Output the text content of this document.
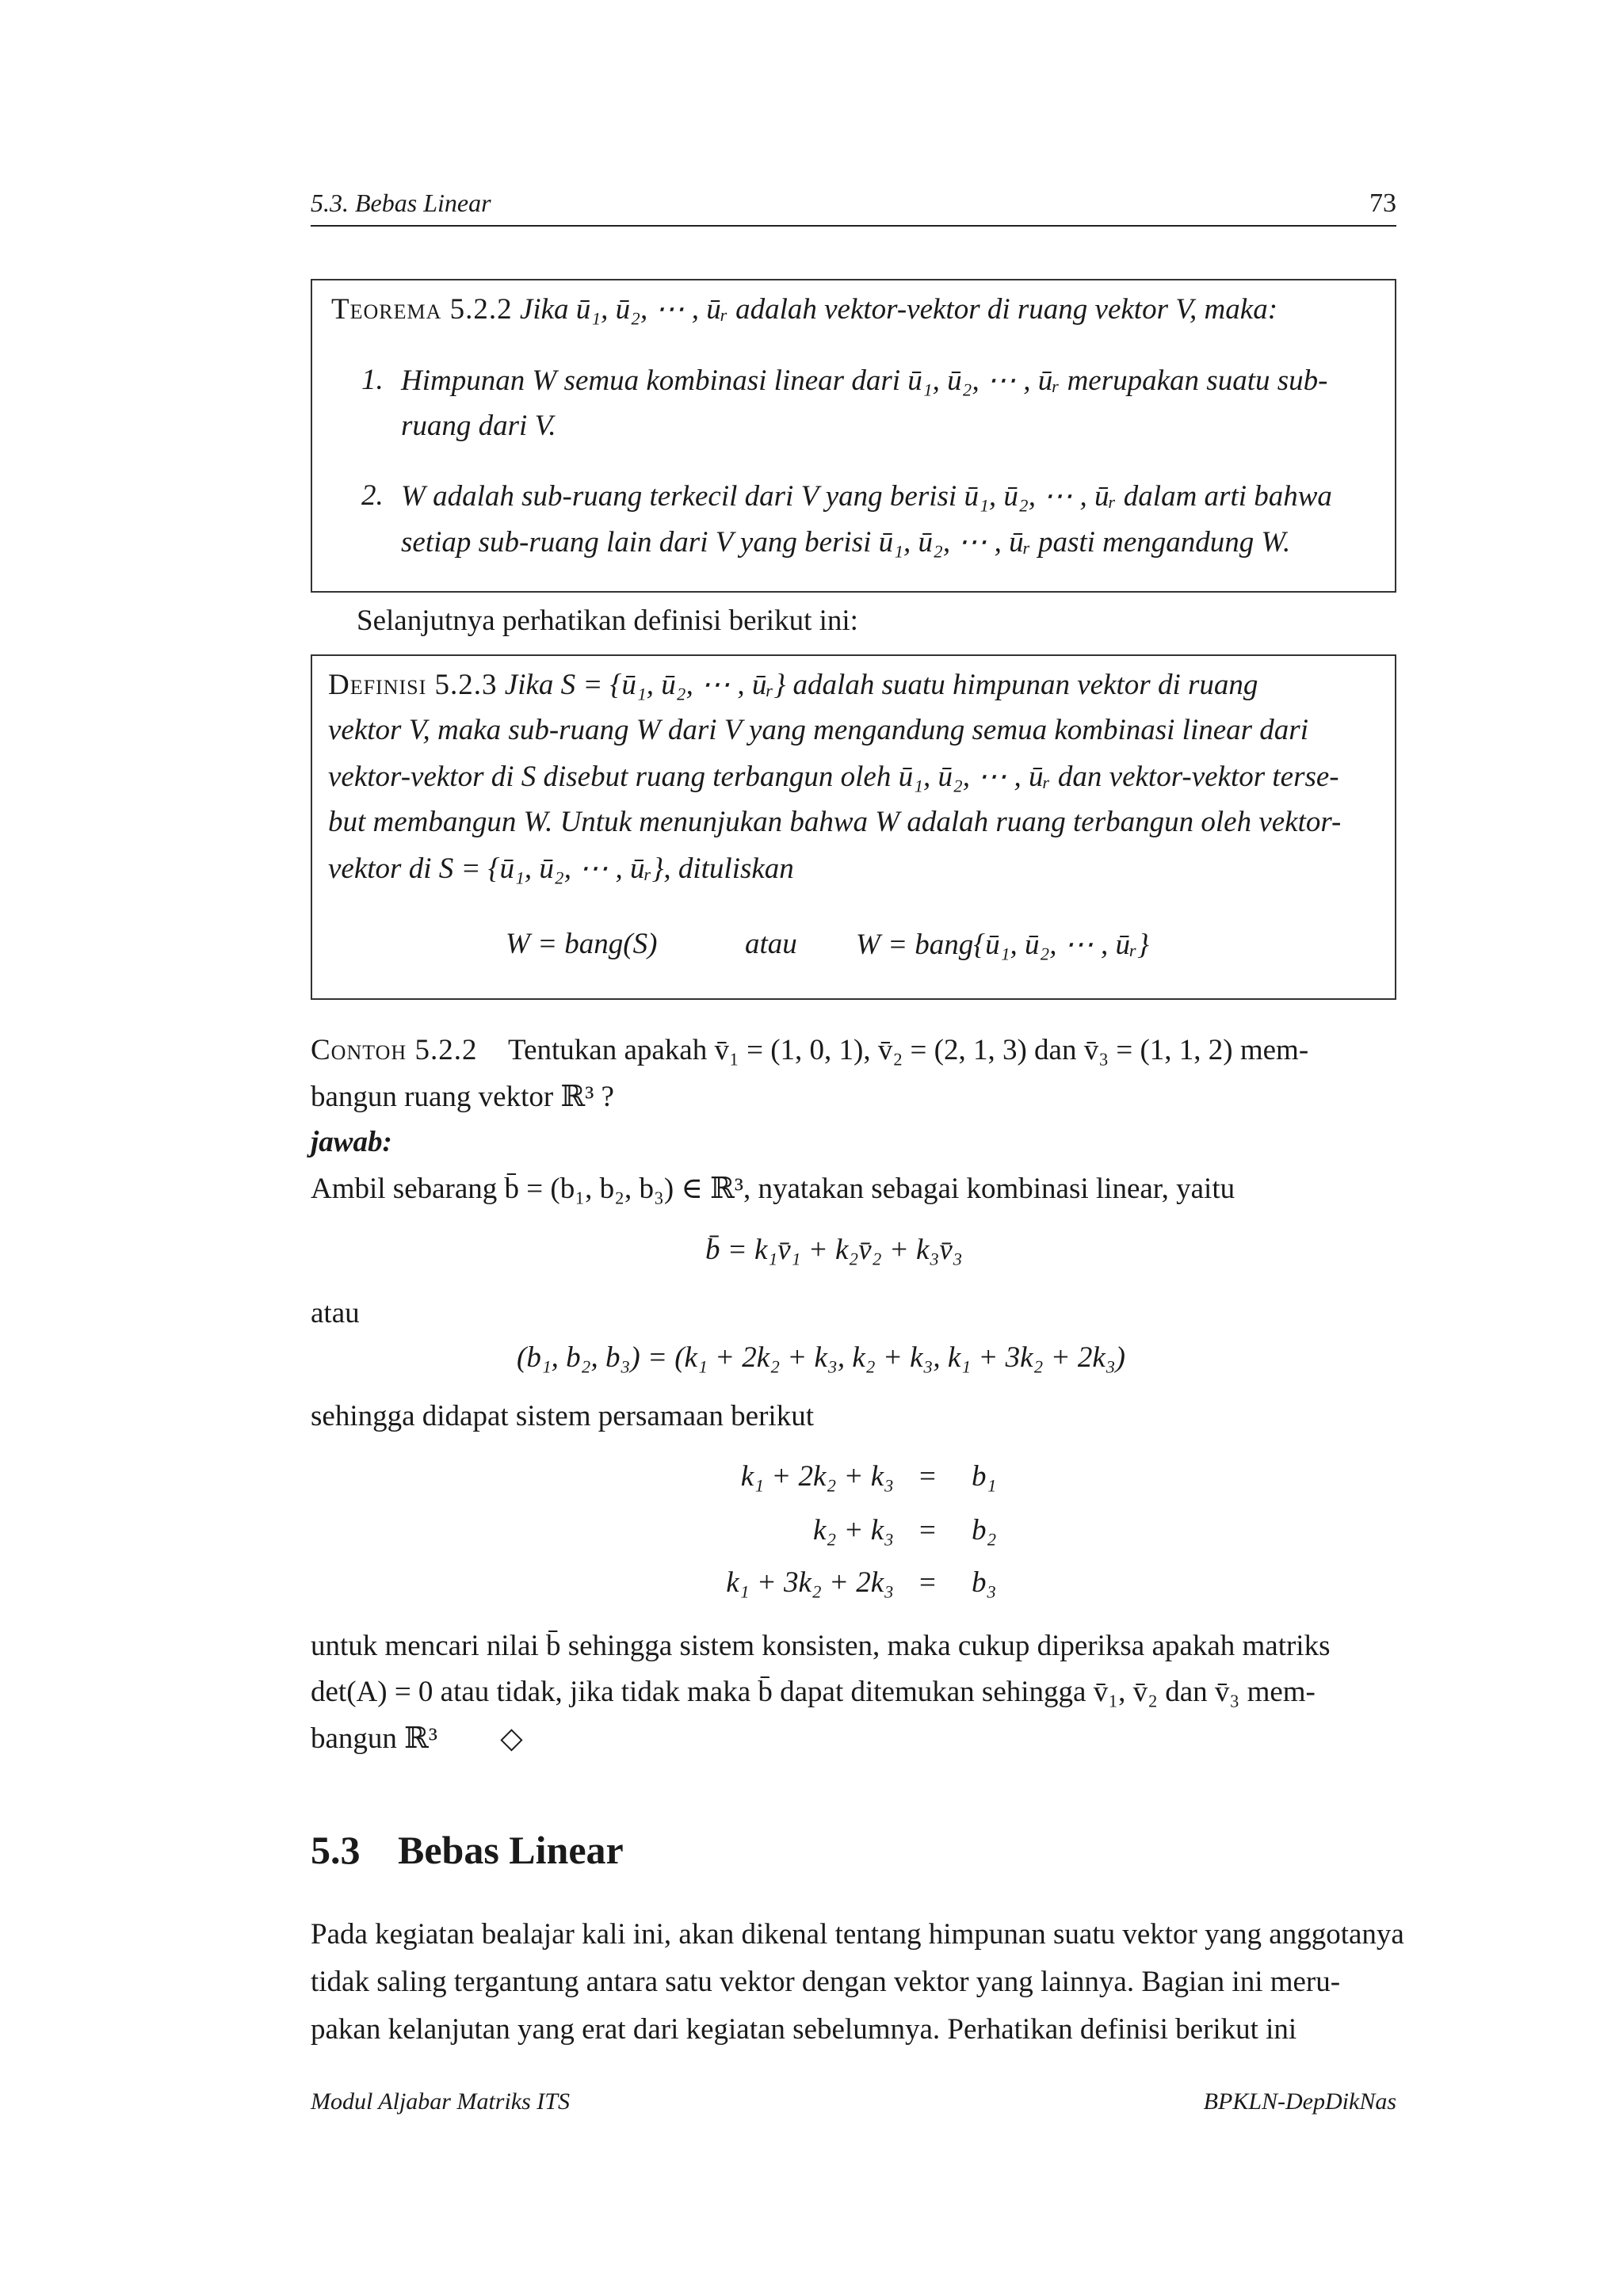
5.3. Bebas Linear	73
Teorema 5.2.2 Jika ū₁, ū₂, ⋯ , ūᵣ adalah vektor-vektor di ruang vektor V, maka:
1. Himpunan W semua kombinasi linear dari ū₁, ū₂, ⋯ , ūᵣ merupakan suatu sub-
ruang dari V.
2. W adalah sub-ruang terkecil dari V yang berisi ū₁, ū₂, ⋯ , ūᵣ dalam arti bahwa
setiap sub-ruang lain dari V yang berisi ū₁, ū₂, ⋯ , ūᵣ pasti mengandung W.
Selanjutnya perhatikan definisi berikut ini:
Definisi 5.2.3 Jika S = {ū₁, ū₂, ⋯ , ūᵣ} adalah suatu himpunan vektor di ruang
vektor V, maka sub-ruang W dari V yang mengandung semua kombinasi linear dari
vektor-vektor di S disebut ruang terbangun oleh ū₁, ū₂, ⋯ , ūᵣ dan vektor-vektor terse-
but membangun W. Untuk menunjukan bahwa W adalah ruang terbangun oleh vektor-
vektor di S = {ū₁, ū₂, ⋯ , ūᵣ}, dituliskan
W = bang(S)	atau W = bang{ū₁, ū₂, ⋯ , ūᵣ}
Contoh 5.2.2 Tentukan apakah v̄₁ = (1, 0, 1), v̄₂ = (2, 1, 3) dan v̄₃ = (1, 1, 2) mem-
bangun ruang vektor ℝ³ ?
jawab:
Ambil sebarang b̄ = (b₁, b₂, b₃) ∈ ℝ³, nyatakan sebagai kombinasi linear, yaitu
b̄ = k₁v̄₁ + k₂v̄₂ + k₃v̄₃
atau
(b₁, b₂, b₃) = (k₁ + 2k₂ + k₃, k₂ + k₃, k₁ + 3k₂ + 2k₃)
sehingga didapat sistem persamaan berikut
k₁ + 2k₂ + k₃ = b₁
k₂ + k₃ = b₂
k₁ + 3k₂ + 2k₃ = b₃
untuk mencari nilai b̄ sehingga sistem konsisten, maka cukup diperiksa apakah matriks
det(A) = 0 atau tidak, jika tidak maka b̄ dapat ditemukan sehingga v̄₁, v̄₂ dan v̄₃ mem-
bangun ℝ³ ◇
5.3 Bebas Linear
Pada kegiatan bealajar kali ini, akan dikenal tentang himpunan suatu vektor yang anggotanya
tidak saling tergantung antara satu vektor dengan vektor yang lainnya. Bagian ini meru-
pakan kelanjutan yang erat dari kegiatan sebelumnya. Perhatikan definisi berikut ini
Modul Aljabar Matriks ITS	BPKLN-DepDikNas
